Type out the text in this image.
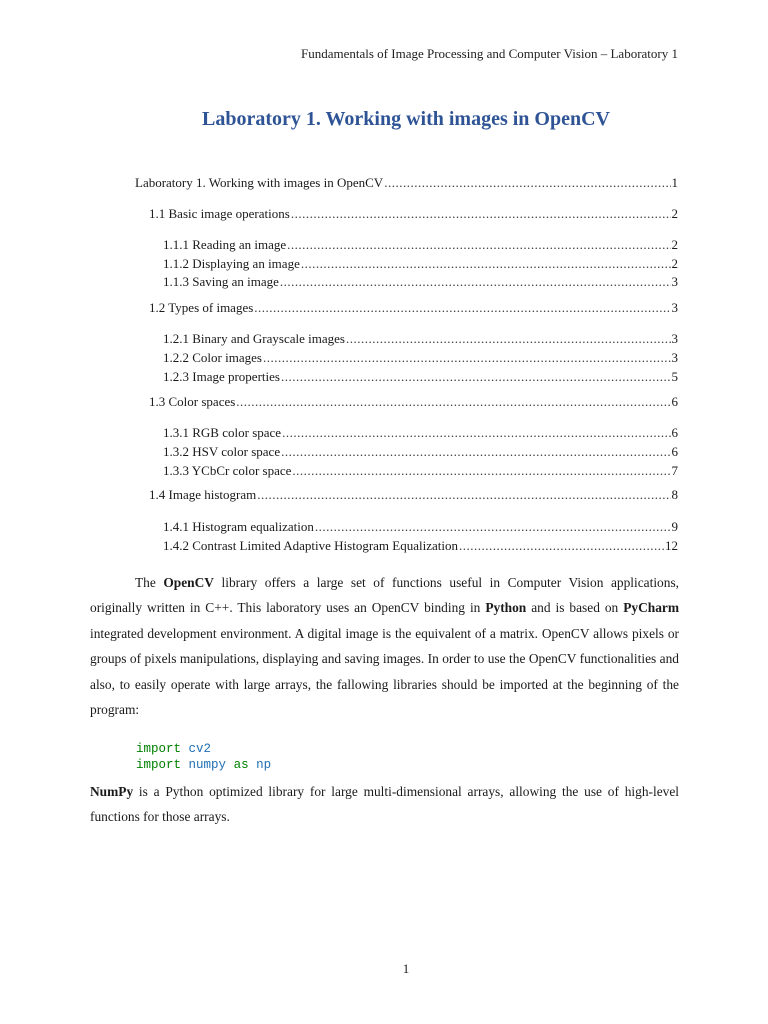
Fundamentals of Image Processing and Computer Vision – Laboratory 1
Laboratory 1. Working with images in OpenCV
Laboratory 1. Working with images in OpenCV .....	1
1.1 Basic image operations .....	2
1.1.1 Reading an image .....	2
1.1.2 Displaying an image .....	2
1.1.3 Saving an image .....	3
1.2 Types of images .....	3
1.2.1 Binary and Grayscale images .....	3
1.2.2 Color images .....	3
1.2.3 Image properties .....	5
1.3 Color spaces .....	6
1.3.1 RGB color space .....	6
1.3.2 HSV color space .....	6
1.3.3 YCbCr color space .....	7
1.4 Image histogram .....	8
1.4.1 Histogram equalization .....	9
1.4.2 Contrast Limited Adaptive Histogram Equalization .....	12

The OpenCV library offers a large set of functions useful in Computer Vision applications, originally written in C++. This laboratory uses an OpenCV binding in Python and is based on PyCharm integrated development environment. A digital image is the equivalent of a matrix. OpenCV allows pixels or groups of pixels manipulations, displaying and saving images. In order to use the OpenCV functionalities and also, to easily operate with large arrays, the fallowing libraries should be imported at the beginning of the program:

import cv2
import numpy as np

NumPy is a Python optimized library for large multi-dimensional arrays, allowing the use of high-level functions for those arrays.

1
